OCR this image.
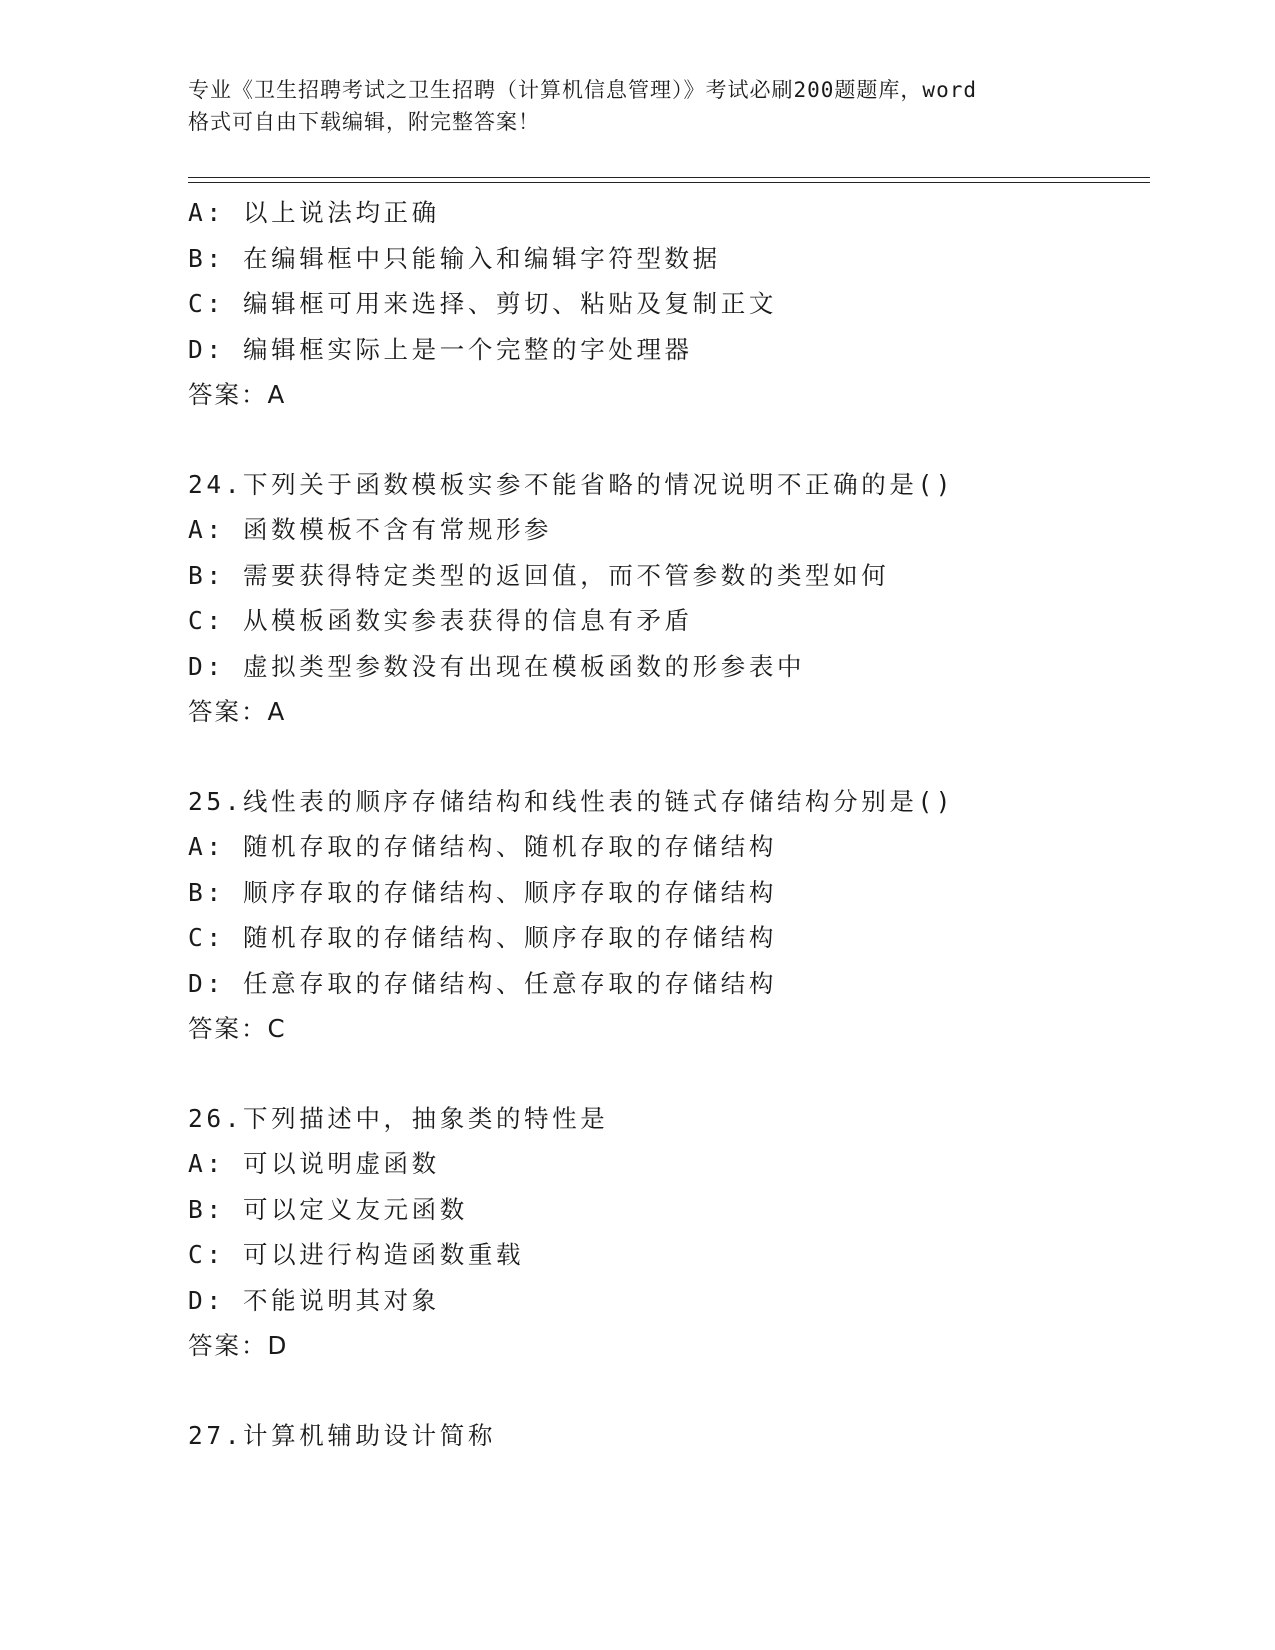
专业《卫生招聘考试之卫生招聘（计算机信息管理）》考试必刷200题题库，word
格式可自由下载编辑，附完整答案！
A: 以上说法均正确
B: 在编辑框中只能输入和编辑字符型数据
C: 编辑框可用来选择、剪切、粘贴及复制正文
D: 编辑框实际上是一个完整的字处理器
答案：A
24.下列关于函数模板实参不能省略的情况说明不正确的是()
A: 函数模板不含有常规形参
B: 需要获得特定类型的返回值，而不管参数的类型如何
C: 从模板函数实参表获得的信息有矛盾
D: 虚拟类型参数没有出现在模板函数的形参表中
答案：A
25.线性表的顺序存储结构和线性表的链式存储结构分别是()
A: 随机存取的存储结构、随机存取的存储结构
B: 顺序存取的存储结构、顺序存取的存储结构
C: 随机存取的存储结构、顺序存取的存储结构
D: 任意存取的存储结构、任意存取的存储结构
答案：C
26.下列描述中，抽象类的特性是
A: 可以说明虚函数
B: 可以定义友元函数
C: 可以进行构造函数重载
D: 不能说明其对象
答案：D
27.计算机辅助设计简称
